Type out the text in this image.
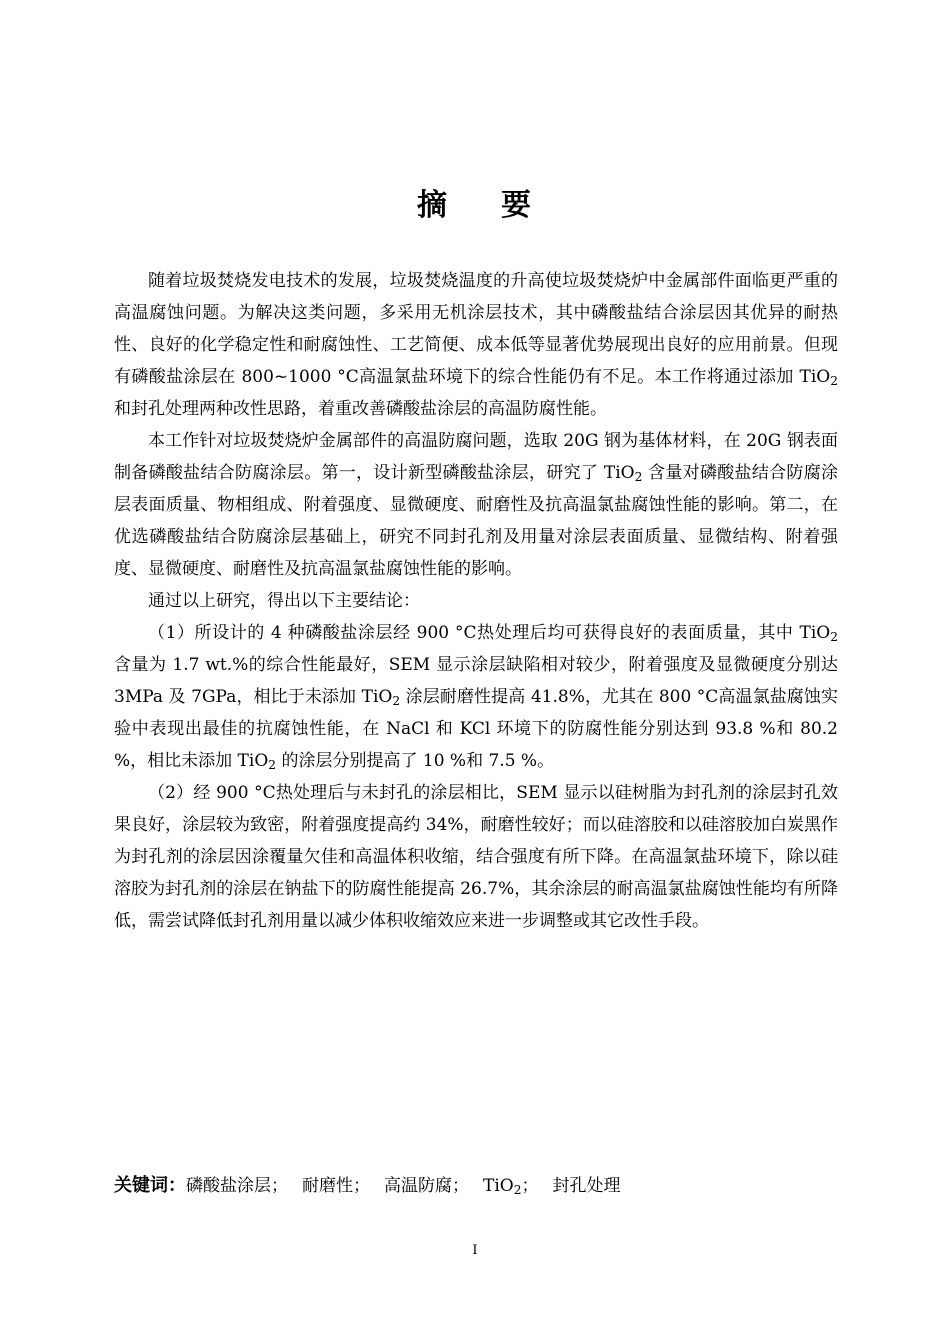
摘 要

随着垃圾焚烧发电技术的发展，垃圾焚烧温度的升高使垃圾焚烧炉中金属部件面临更严重的高温腐蚀问题。为解决这类问题，多采用无机涂层技术，其中磷酸盐结合涂层因其优异的耐热性、良好的化学稳定性和耐腐蚀性、工艺简便、成本低等显著优势展现出良好的应用前景。但现有磷酸盐涂层在 800~1000 °C高温氯盐环境下的综合性能仍有不足。本工作将通过添加 TiO$_2$ 和封孔处理两种改性思路，着重改善磷酸盐涂层的高温防腐性能。

本工作针对垃圾焚烧炉金属部件的高温防腐问题，选取 20G 钢为基体材料，在 20G 钢表面制备磷酸盐结合防腐涂层。第一，设计新型磷酸盐涂层，研究了 TiO$_2$ 含量对磷酸盐结合防腐涂层表面质量、物相组成、附着强度、显微硬度、耐磨性及抗高温氯盐腐蚀性能的影响。第二，在优选磷酸盐结合防腐涂层基础上，研究不同封孔剂及用量对涂层表面质量、显微结构、附着强度、显微硬度、耐磨性及抗高温氯盐腐蚀性能的影响。

通过以上研究，得出以下主要结论：

（1）所设计的 4 种磷酸盐涂层经 900 °C热处理后均可获得良好的表面质量，其中 TiO$_2$ 含量为 1.7 wt.%的综合性能最好，SEM 显示涂层缺陷相对较少，附着强度及显微硬度分别达 3MPa 及 7GPa，相比于未添加 TiO$_2$ 涂层耐磨性提高 41.8%，尤其在 800 °C高温氯盐腐蚀实验中表现出最佳的抗腐蚀性能，在 NaCl 和 KCl 环境下的防腐性能分别达到 93.8 %和 80.2 %，相比未添加 TiO$_2$ 的涂层分别提高了 10 %和 7.5 %。

（2）经 900 °C热处理后与未封孔的涂层相比，SEM 显示以硅树脂为封孔剂的涂层封孔效果良好，涂层较为致密，附着强度提高约 34%，耐磨性较好；而以硅溶胶和以硅溶胶加白炭黑作为封孔剂的涂层因涂覆量欠佳和高温体积收缩，结合强度有所下降。在高温氯盐环境下，除以硅溶胶为封孔剂的涂层在钠盐下的防腐性能提高 26.7%，其余涂层的耐高温氯盐腐蚀性能均有所降低，需尝试降低封孔剂用量以减少体积收缩效应来进一步调整或其它改性手段。

关键词：磷酸盐涂层； 耐磨性； 高温防腐； TiO$_2$； 封孔处理
I
